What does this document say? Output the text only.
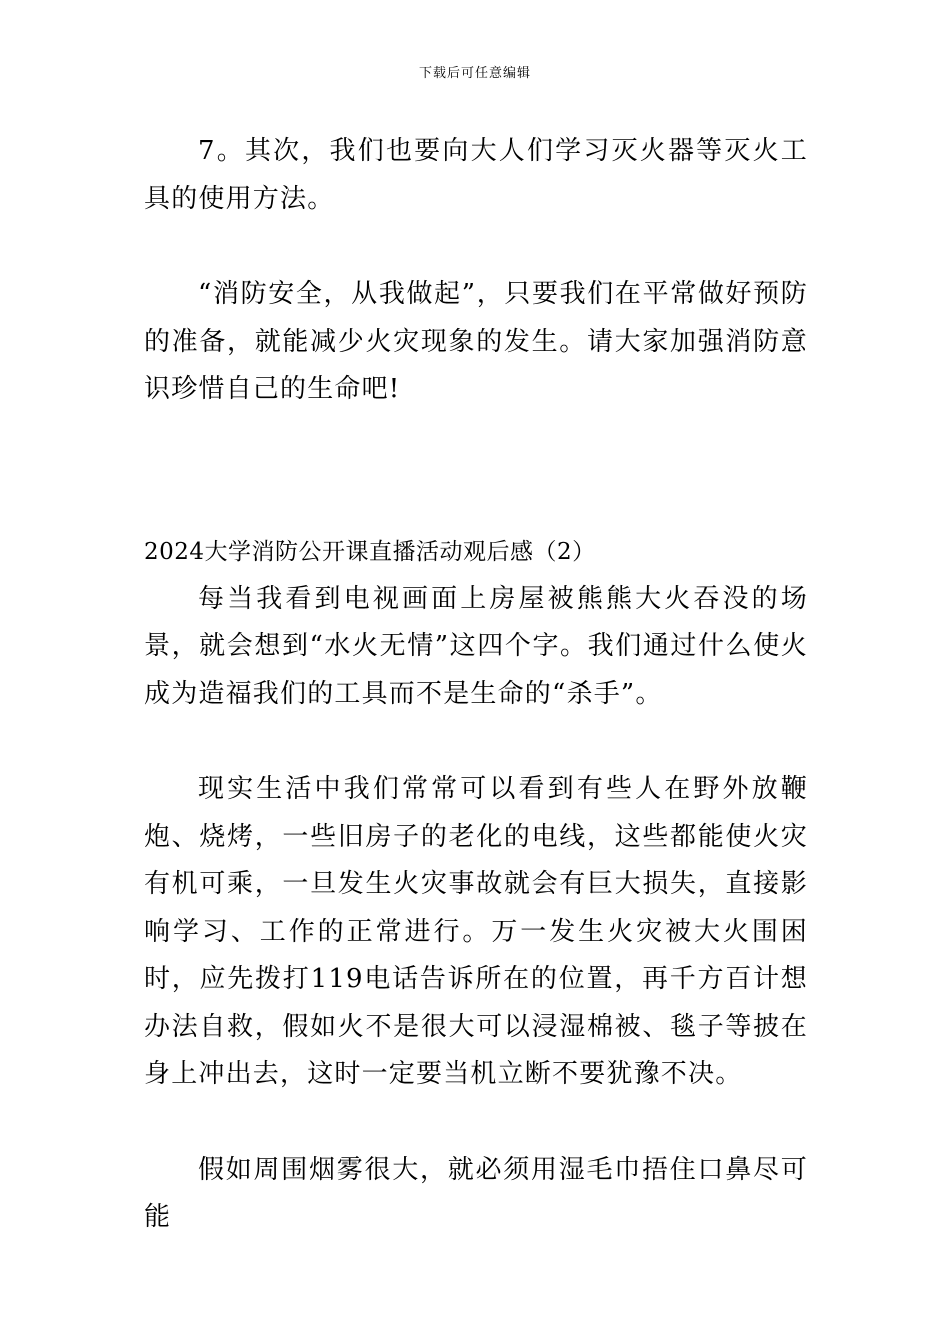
下载后可任意编辑

7。其次，我们也要向大人们学习灭火器等灭火工具的使用方法。

“消防安全，从我做起”，只要我们在平常做好预防的准备，就能减少火灾现象的发生。请大家加强消防意识珍惜自己的生命吧!

2024大学消防公开课直播活动观后感（2）

每当我看到电视画面上房屋被熊熊大火吞没的场景，就会想到“水火无情”这四个字。我们通过什么使火成为造福我们的工具而不是生命的“杀手”。

现实生活中我们常常可以看到有些人在野外放鞭炮、烧烤，一些旧房子的老化的电线，这些都能使火灾有机可乘，一旦发生火灾事故就会有巨大损失，直接影响学习、工作的正常进行。万一发生火灾被大火围困时，应先拨打119电话告诉所在的位置，再千方百计想办法自救，假如火不是很大可以浸湿棉被、毯子等披在身上冲出去，这时一定要当机立断不要犹豫不决。

假如周围烟雾很大，就必须用湿毛巾捂住口鼻尽可能
